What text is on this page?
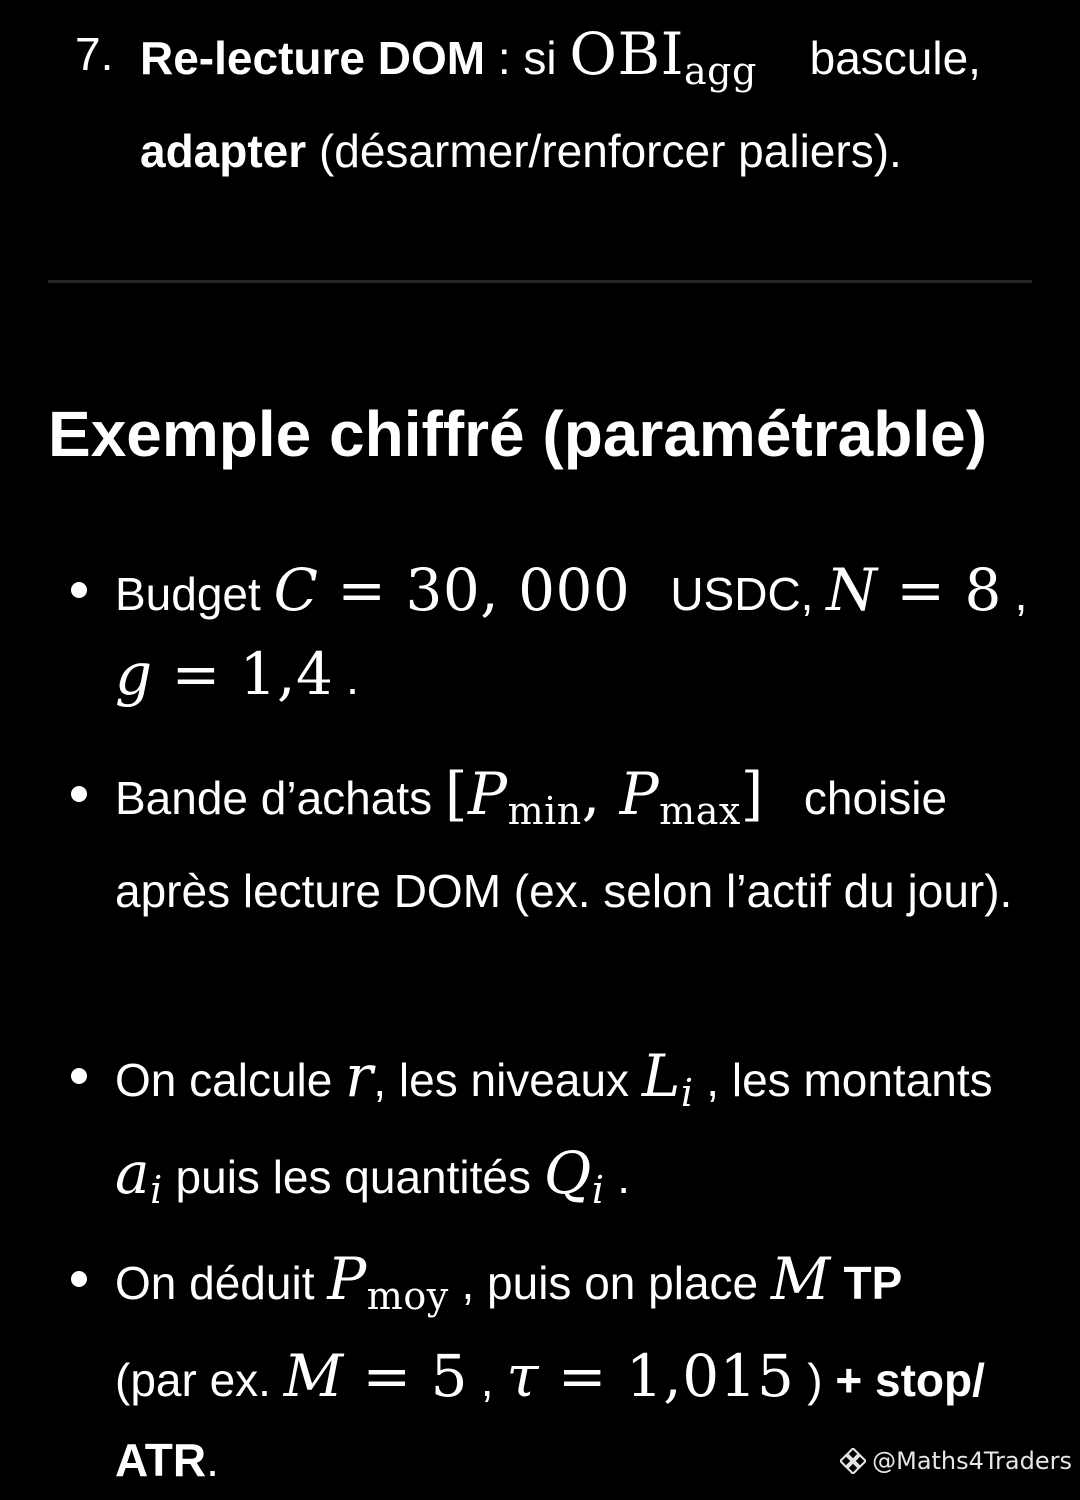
7. Re-lecture DOM : si $OBI_{agg}$ bascule,
adapter (désarmer/renforcer paliers).
Exemple chiffré (paramétrable)
Budget C = 30, 000 USDC, N = 8 ,
g = 1,4 .
Bande d’achats [$P_{min}$, $P_{max}$] choisie après lecture DOM (ex. selon l’actif du jour).
On calcule r, les niveaux Li , les montants ai puis les quantités Qi .
On déduit $P_{moy}$ , puis on place M TP
(par ex. M = 5 , τ = 1,015 ) + stop/ ATR.	@Maths4Traders
